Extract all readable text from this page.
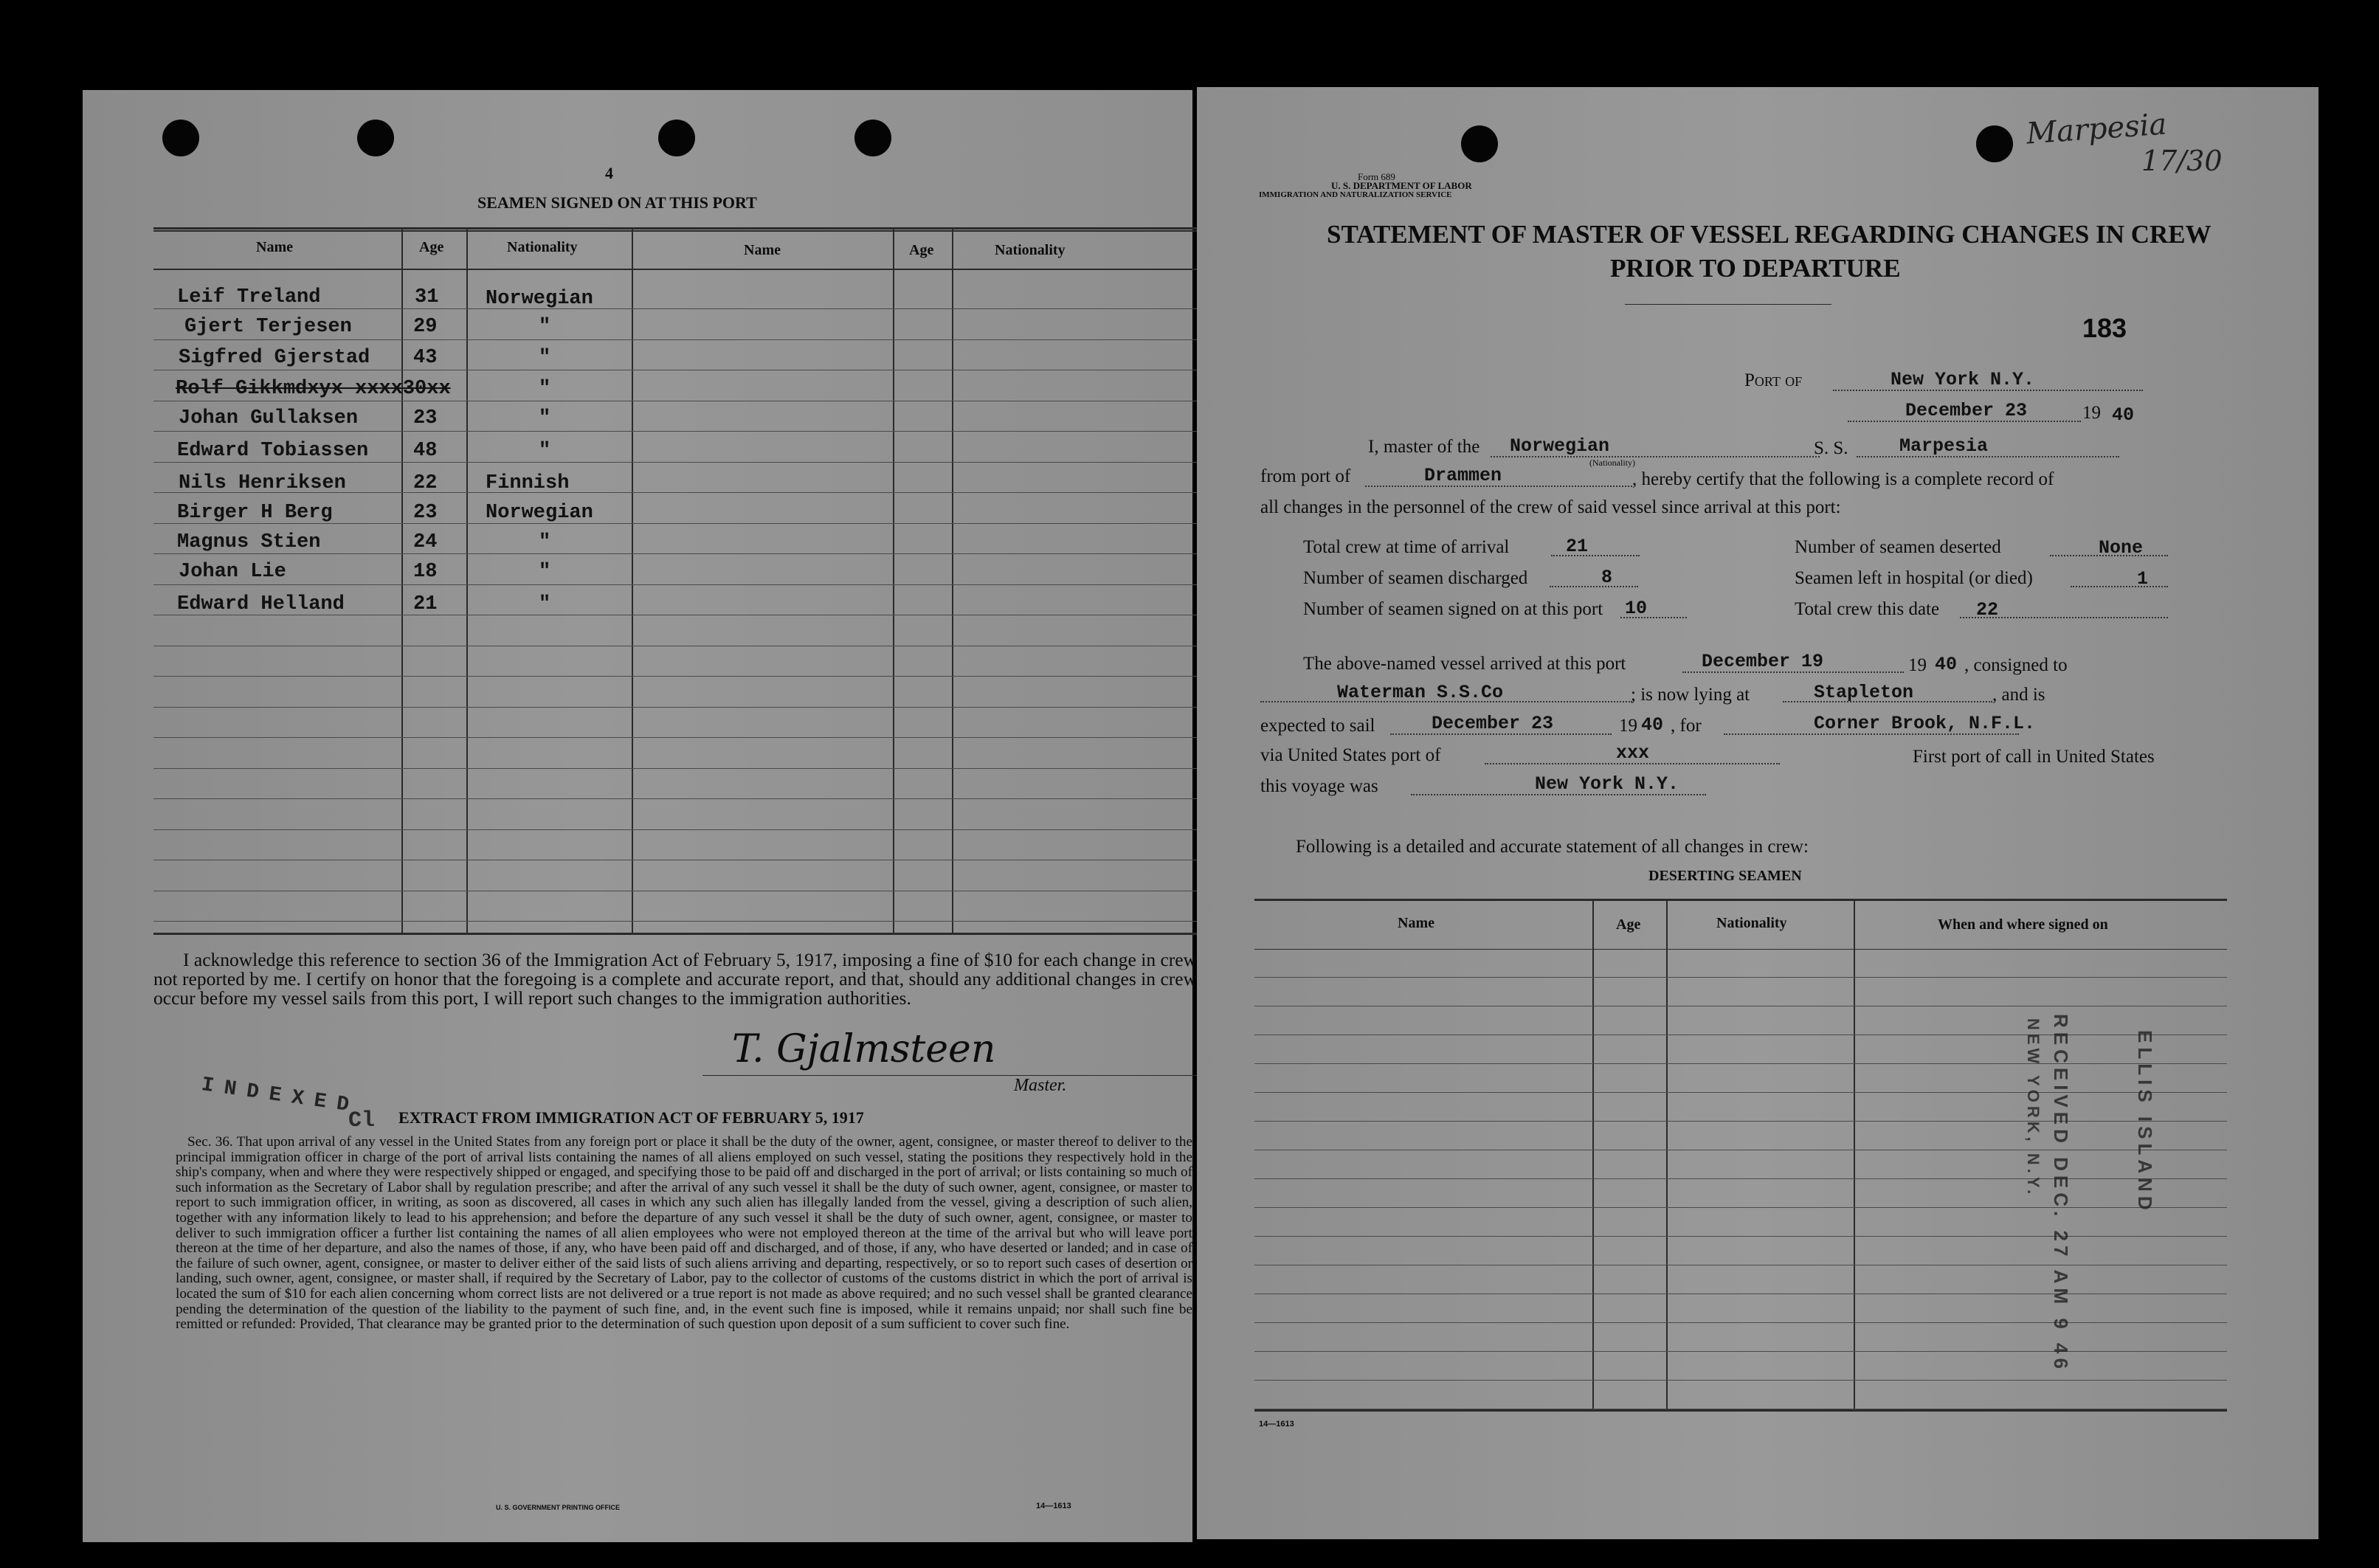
4
SEAMEN SIGNED ON AT THIS PORT
Name	Age	Nationality	Name	Age	Nationality
Leif Treland	31 Norwegian
Gjert Terjesen	29	"
Sigfred Gjerstad 43	"
Rolf Gikkmdxyx xxxx30xx	"
Johan Gullaksen	23	"
Edward Tobiassen 48	"
Nils Henriksen	22 Finnish
Birger H Berg	23 Norwegian
Magnus Stien	24	"
Johan Lie	18	"
Edward Helland	21	"
I acknowledge this reference to section 36 of the Immigration Act of February 5, 1917, imposing a fine of $10 for each change in crew not reported by me. I certify on honor that the foregoing is a complete and accurate report, and that, should any additional changes in crew occur before my vessel sails from this port, I will report such changes to the immigration authorities.
T. Gjalmsteen
Master.
INDEXED
Cl EXTRACT FROM IMMIGRATION ACT OF FEBRUARY 5, 1917
Sec. 36. That upon arrival of any vessel in the United States from any foreign port or place it shall be the duty of the owner, agent, consignee, or master thereof to deliver to the principal immigration officer in charge of the port of arrival lists containing the names of all aliens employed on such vessel, stating the positions they respectively hold in the ship's company, when and where they were respectively shipped or engaged, and specifying those to be paid off and discharged in the port of arrival; or lists containing so much of such information as the Secretary of Labor shall by regulation prescribe; and after the arrival of any such vessel it shall be the duty of such owner, agent, consignee, or master to report to such immigration officer, in writing, as soon as discovered, all cases in which any such alien has illegally landed from the vessel, giving a description of such alien, together with any information likely to lead to his apprehension; and before the departure of any such vessel it shall be the duty of such owner, agent, consignee, or master to deliver to such immigration officer a further list containing the names of all alien employees who were not employed thereon at the time of the arrival but who will leave port thereon at the time of her departure, and also the names of those, if any, who have been paid off and discharged, and of those, if any, who have deserted or landed; and in case of the failure of such owner, agent, consignee, or master to deliver either of the said lists of such aliens arriving and departing, respectively, or so to report such cases of desertion or landing, such owner, agent, consignee, or master shall, if required by the Secretary of Labor, pay to the collector of customs of the customs district in which the port of arrival is located the sum of $10 for each alien concerning whom correct lists are not delivered or a true report is not made as above required; and no such vessel shall be granted clearance pending the determination of the question of the liability to the payment of such fine, and, in the event such fine is imposed, while it remains unpaid; nor shall such fine be remitted or refunded: Provided, That clearance may be granted prior to the determination of such question upon deposit of a sum sufficient to cover such fine.
U. S. GOVERNMENT PRINTING OFFICE	14—1613
Form 689
U. S. DEPARTMENT OF LABOR
IMMIGRATION AND NATURALIZATION SERVICE
Marpesia
17/30
STATEMENT OF MASTER OF VESSEL REGARDING CHANGES IN CREW
PRIOR TO DEPARTURE
183
Port of	New York N.Y.
December 23	19 40
I, master of the Norwegian
(Nationality)
S. S.	Marpesia
from port of	Drammen	, hereby certify that the following is a complete record of
all changes in the personnel of the crew of said vessel since arrival at this port:
Total crew at time of arrival	21	Number of seamen deserted	None
Number of seamen discharged	8	Seamen left in hospital (or died)	1
Number of seamen signed on at this port 10	Total crew this date 22
The above-named vessel arrived at this port	December 19	19 40 , consigned to
Waterman S.S.Co	; is now lying at	Stapleton	, and is
expected to sail	December 23	19 40 , for	Corner Brook, N.F.L.
via United States port of	xxx	First port of call in United States
this voyage was	New York N.Y.
Following is a detailed and accurate statement of all changes in crew:
DESERTING SEAMEN
Name	Age	Nationality	When and where signed on
RECEIVED DEC. 27 AM 9 46
NEW YORK, N.Y.	ELLIS ISLAND
14—1613
